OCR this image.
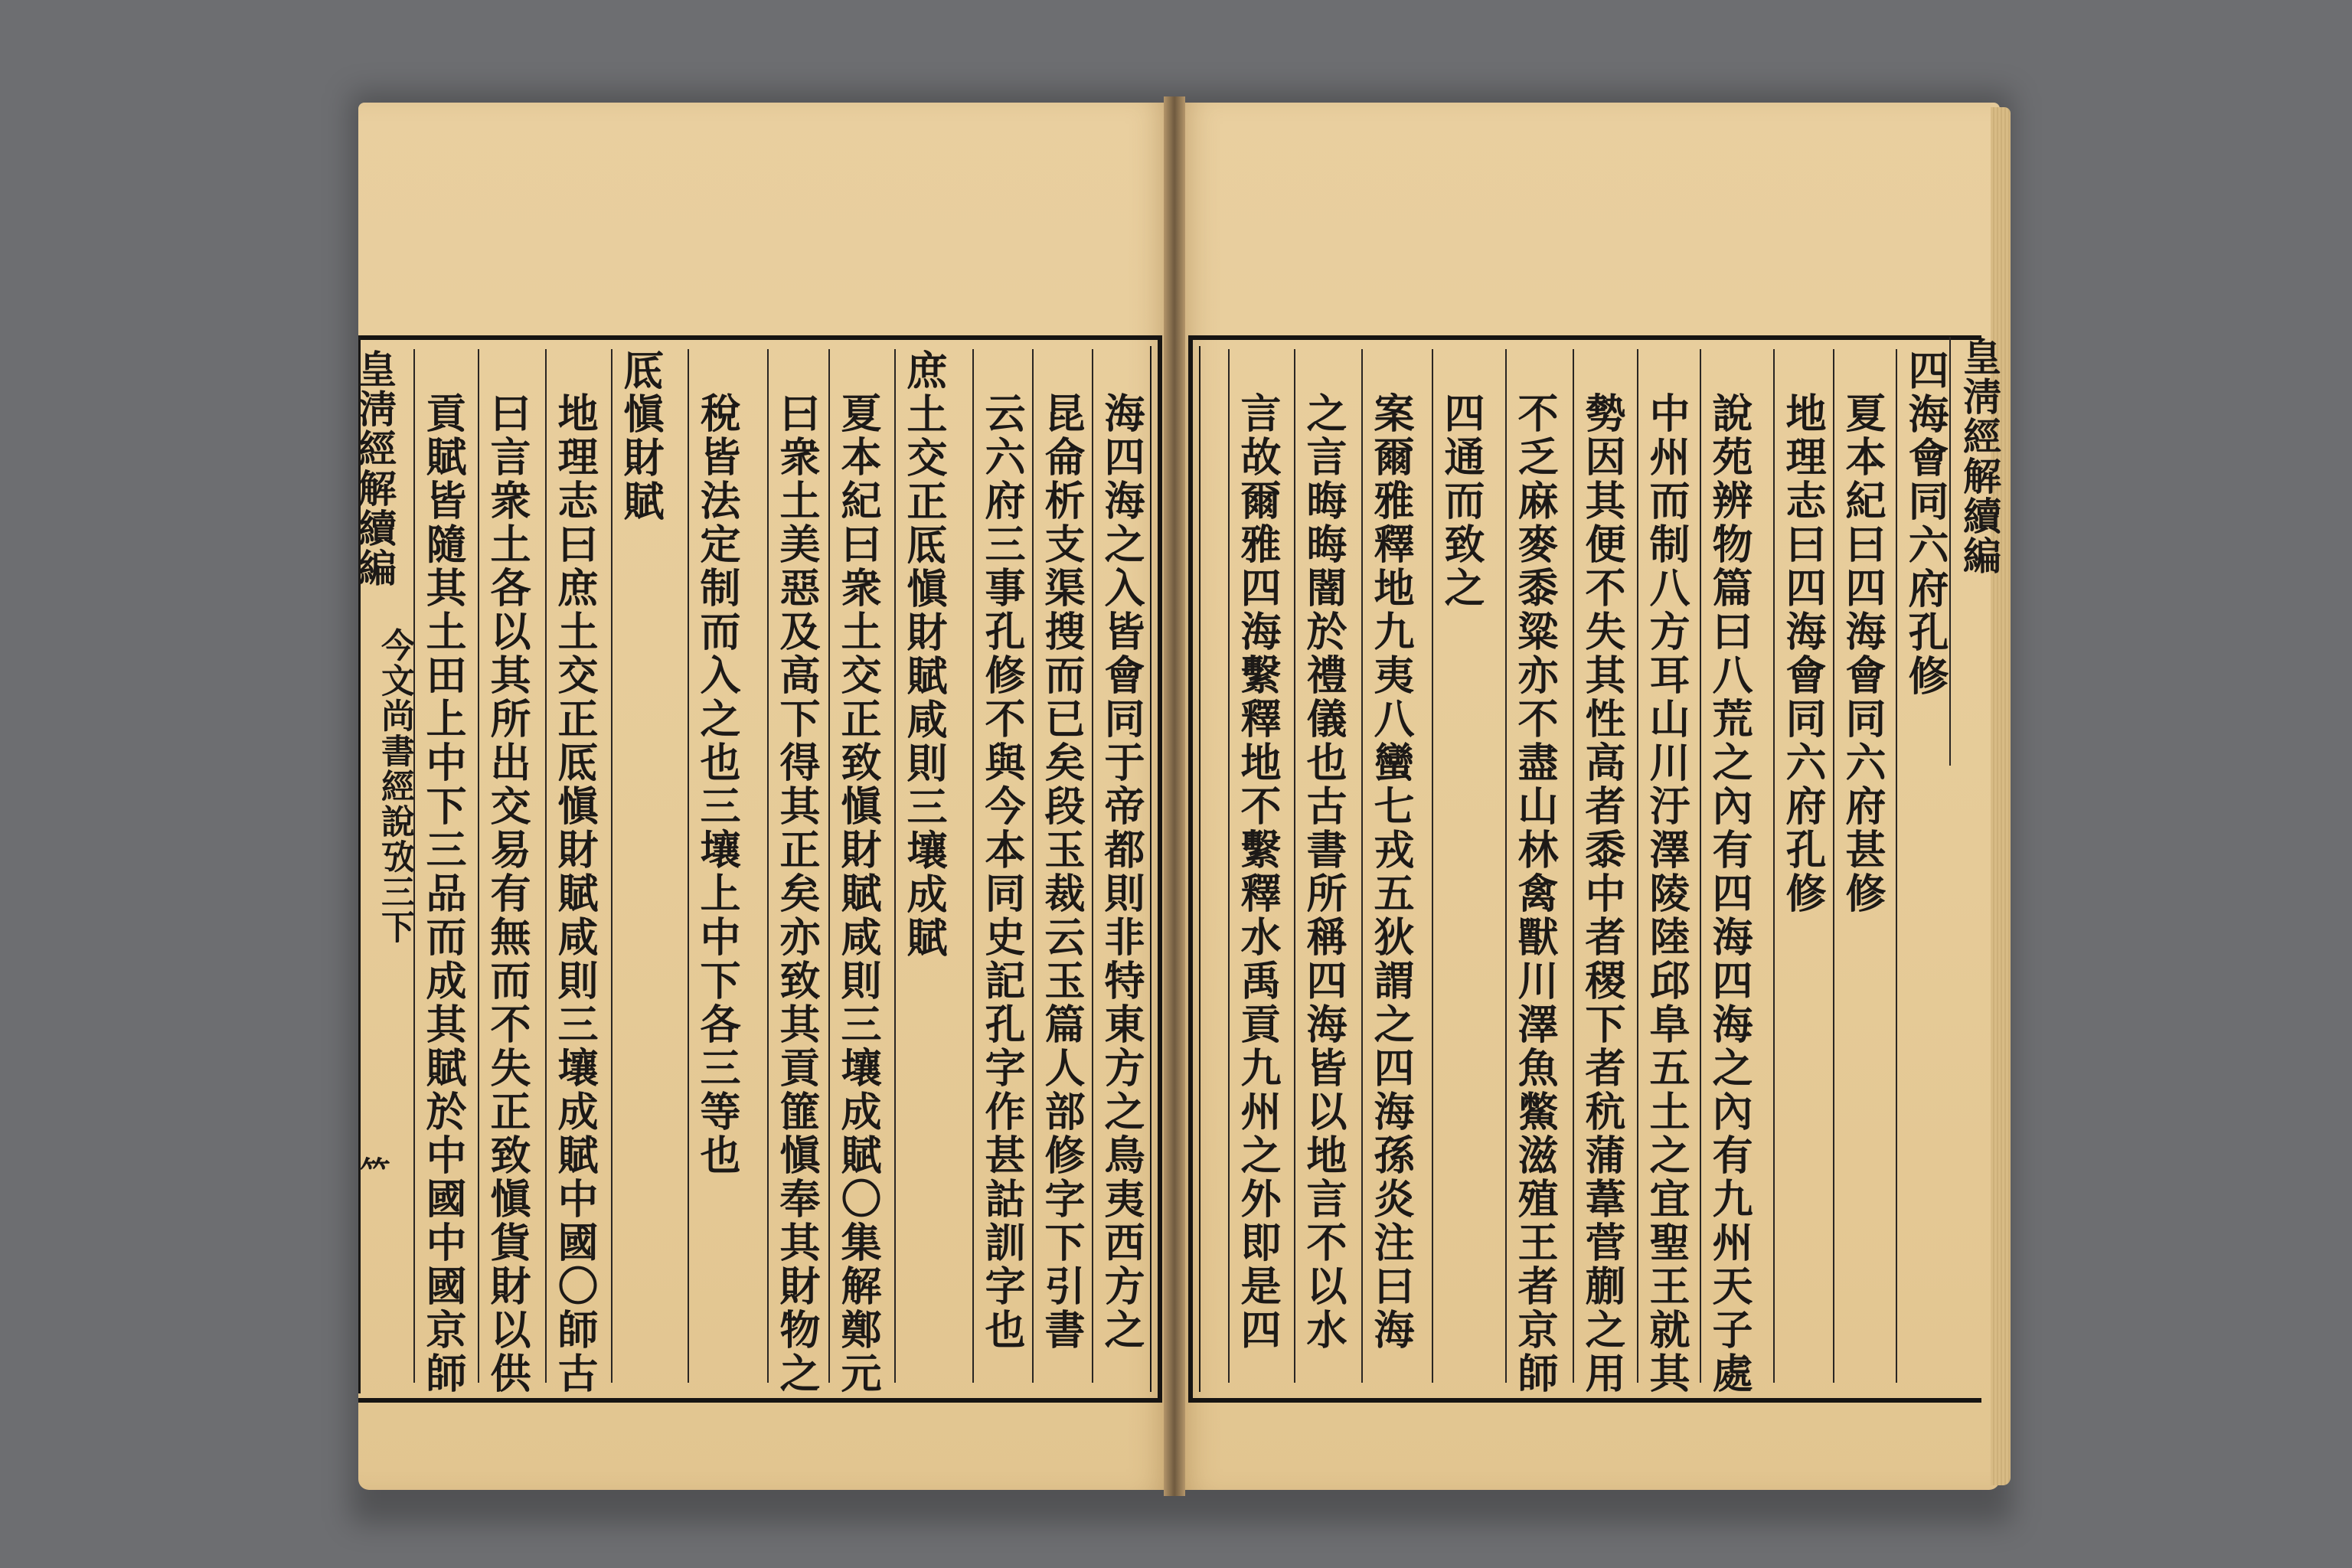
皇淸經解續編
今文尚書經說攷三下	海四海之入皆會同于帝都則非特東方之鳥夷西方之
昆侖析支渠搜而已矣段玉裁云玉篇人部修字下引書
云六府三事孔修不與今本同史記孔字作甚詁訓字也
庶土交正厎愼財賦咸則三壤成賦
夏本紀曰衆土交正致愼財賦咸則三壤成賦〇集解鄭元
曰衆土美惡及高下得其正矣亦致其貢篚愼奉其財物之
稅皆法定制而入之也三壤上中下各三等也
厎愼財賦
地理志曰庶土交正厎愼財賦咸則三壤成賦中國〇師古
曰言衆土各以其所出交易有無而不失正致愼貨財以供
貢賦皆隨其土田上中下三品而成其賦於中國中國京師
𥫗
皇淸經解續編
四海會同六府孔修
夏本紀曰四海會同六府甚修
地理志曰四海會同六府孔修
說苑辨物篇曰八荒之內有四海四海之內有九州天子處
中州而制八方耳山川汙澤陵陸邱阜五土之宜聖王就其
勢因其便不失其性高者黍中者稷下者秔蒲葦菅蒯之用
不乏麻麥黍粱亦不盡山林禽獸川澤魚鱉滋殖王者京師
四通而致之
案爾雅釋地九夷八蠻七戎五狄謂之四海孫炎注曰海
之言晦晦闇於禮儀也古書所稱四海皆以地言不以水
言故爾雅四海繫釋地不繫釋水禹貢九州之外即是四
